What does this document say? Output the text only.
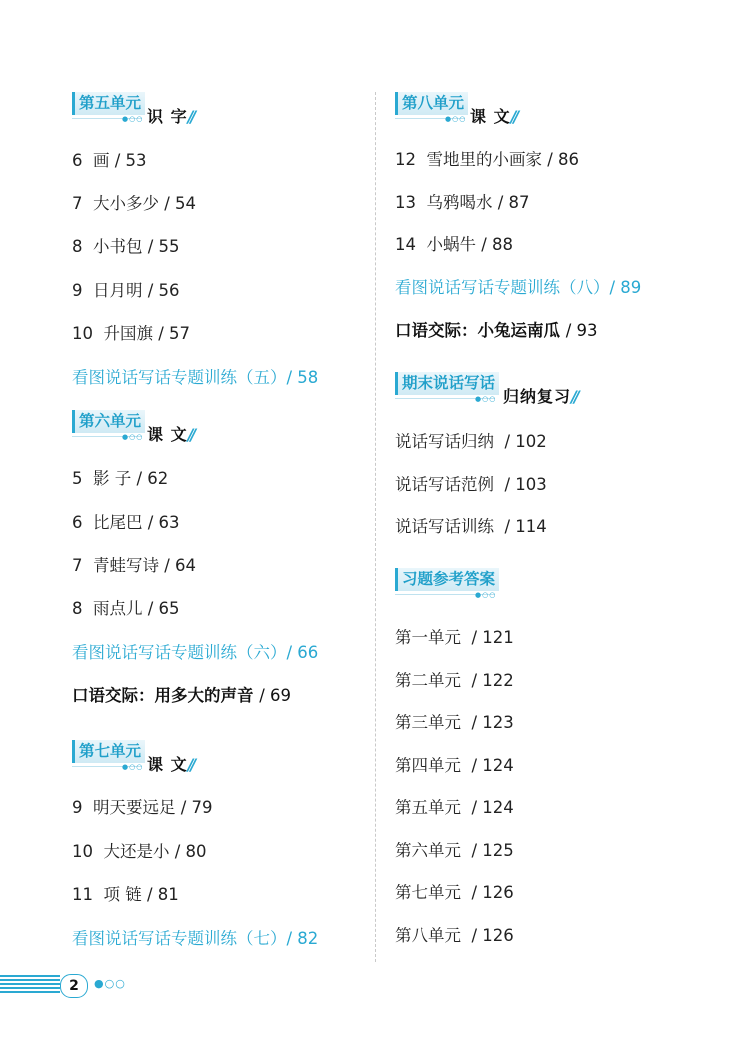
第五单元
●○○ 识 字//
6 画 / 53
7 大小多少 / 54
8 小书包 / 55
9 日月明 / 56
10 升国旗 / 57
看图说话写话专题训练（五）/ 58
第六单元
●○○ 课 文//
5 影 子 / 62
6 比尾巴 / 63
7 青蛙写诗 / 64
8 雨点儿 / 65
看图说话写话专题训练（六）/ 66
口语交际：用多大的声音 / 69
第七单元
●○○ 课 文//
9 明天要远足 / 79
10 大还是小 / 80
11 项 链 / 81
看图说话写话专题训练（七）/ 82
第八单元
●○○ 课 文//
12 雪地里的小画家 / 86
13 乌鸦喝水 / 87
14 小蜗牛 / 88
看图说话写话专题训练（八）/ 89
口语交际：小兔运南瓜 / 93
期末说话写话
●○○ 归纳复习//
说话写话归纳 / 102
说话写话范例 / 103
说话写话训练 / 114
习题参考答案
●○○
第一单元 / 121
第二单元 / 122
第三单元 / 123
第四单元 / 124
第五单元 / 124
第六单元 / 125
第七单元 / 126
第八单元 / 126
2	●○○
